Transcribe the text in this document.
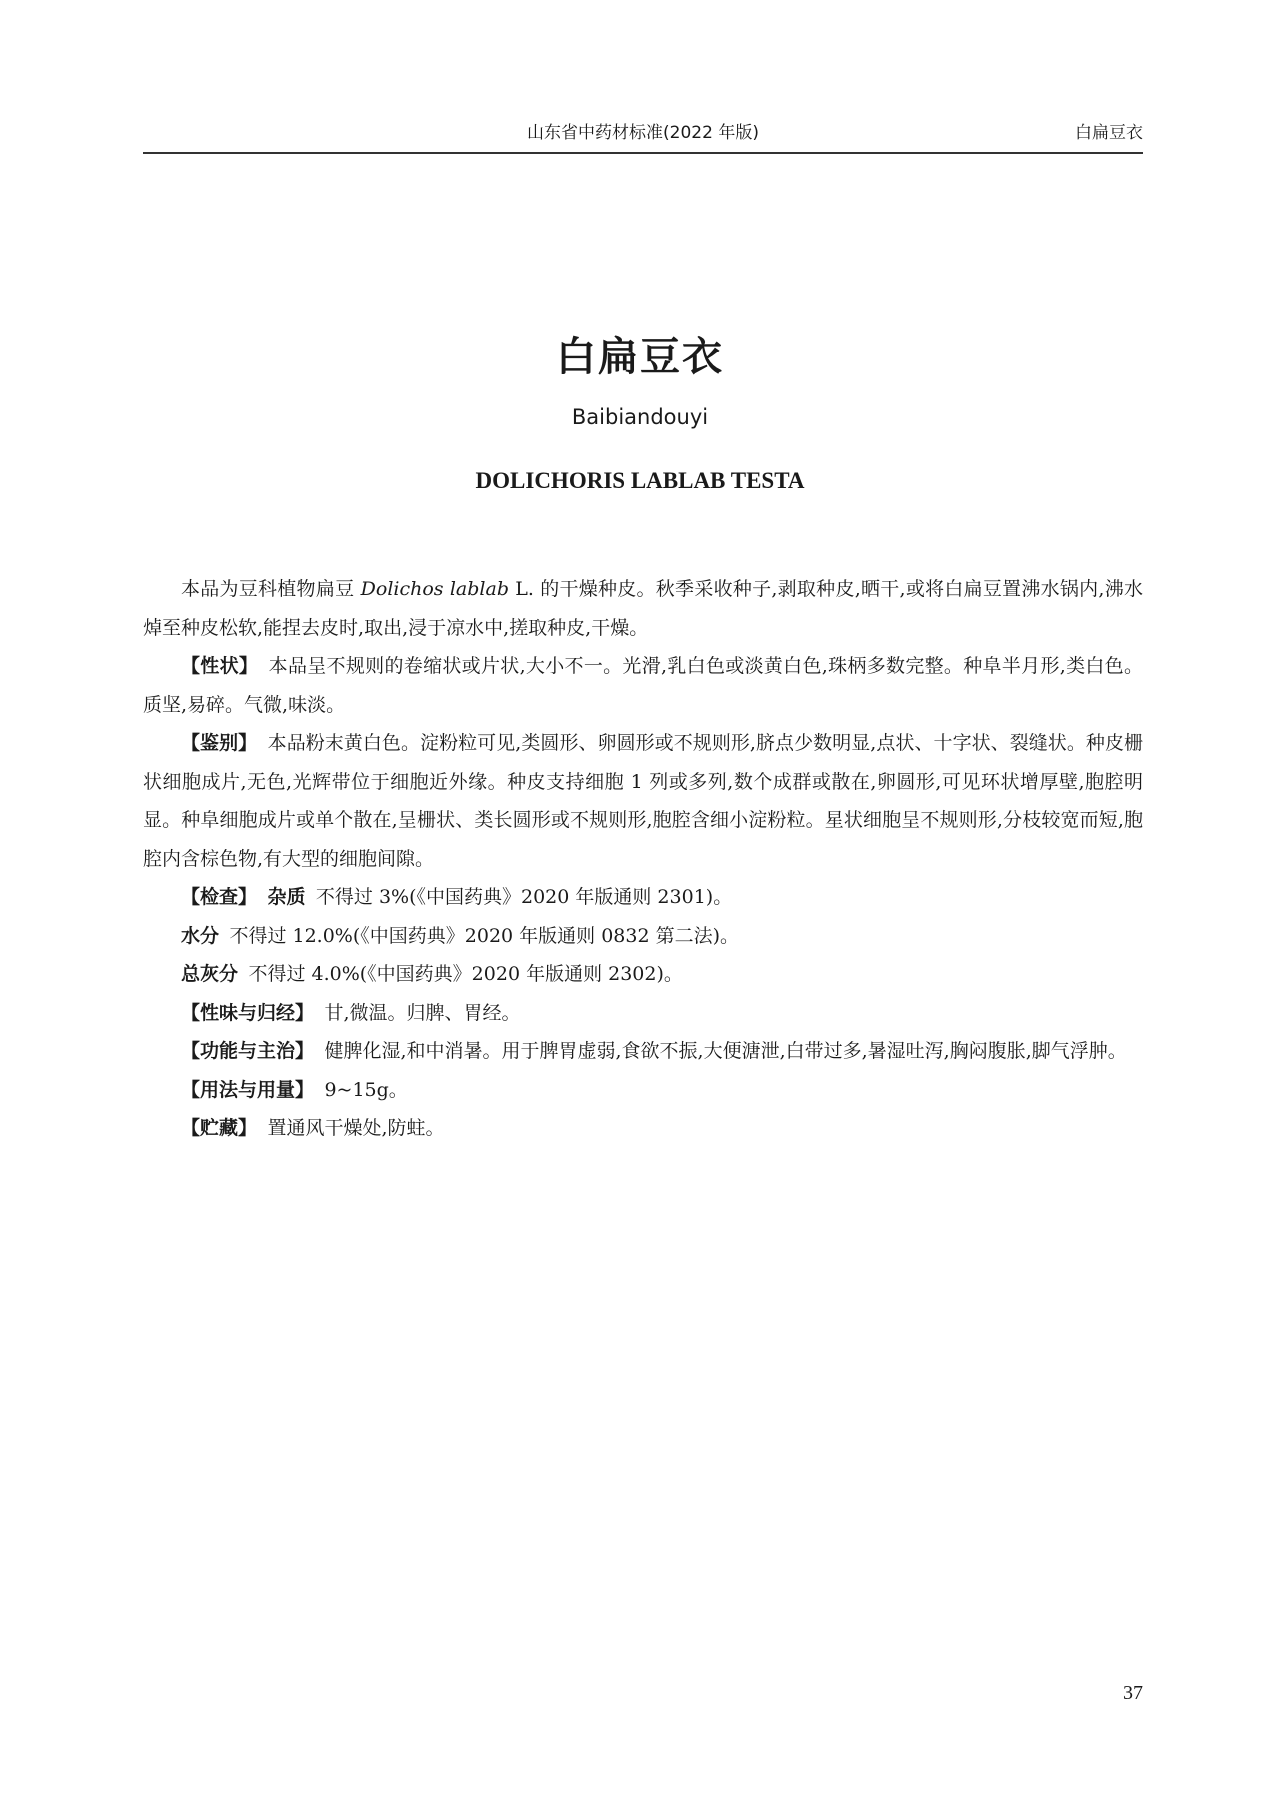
山东省中药材标准(2022 年版)	白扁豆衣
白扁豆衣
Baibiandouyi
DOLICHORIS LABLAB TESTA

本品为豆科植物扁豆 Dolichos lablab L. 的干燥种皮。秋季采收种子,剥取种皮,晒干,或将白扁豆置沸水锅内,沸水焯至种皮松软,能捏去皮时,取出,浸于凉水中,搓取种皮,干燥。

【性状】 本品呈不规则的卷缩状或片状,大小不一。光滑,乳白色或淡黄白色,珠柄多数完整。种阜半月形,类白色。质坚,易碎。气微,味淡。

【鉴别】 本品粉末黄白色。淀粉粒可见,类圆形、卵圆形或不规则形,脐点少数明显,点状、十字状、裂缝状。种皮栅状细胞成片,无色,光辉带位于细胞近外缘。种皮支持细胞 1 列或多列,数个成群或散在,卵圆形,可见环状增厚壁,胞腔明显。种阜细胞成片或单个散在,呈栅状、类长圆形或不规则形,胞腔含细小淀粉粒。星状细胞呈不规则形,分枝较宽而短,胞腔内含棕色物,有大型的细胞间隙。

【检查】 杂质 不得过 3%(《中国药典》2020 年版通则 2301)。

水分 不得过 12.0%(《中国药典》2020 年版通则 0832 第二法)。

总灰分 不得过 4.0%(《中国药典》2020 年版通则 2302)。

【性味与归经】 甘,微温。归脾、胃经。

【功能与主治】 健脾化湿,和中消暑。用于脾胃虚弱,食欲不振,大便溏泄,白带过多,暑湿吐泻,胸闷腹胀,脚气浮肿。

【用法与用量】 9~15g。

【贮藏】 置通风干燥处,防蛀。

37
